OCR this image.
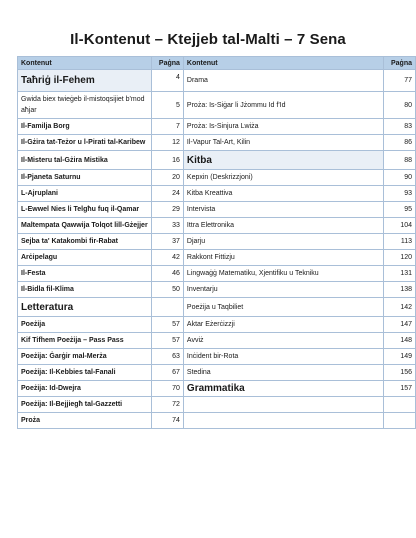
Il-Kontenut – Ktejjeb tal-Malti – 7 Sena
Kontenut	Paġna	Kontenut	Paġna
Taħriġ il-Fehem	4	Drama	77
Gwida biex twieġeb il-mistoqsijiet b'mod aħjar	5	Proża: Is-Siġar li Jżommu Id f'Id	80
Il-Familja Borg	7	Proża: Is-Sinjura Lwiża	83
Il-Gżira tat-Teżor u l-Pirati tal-Karibew	12	Il-Vapur Tal-Art, Kilin	86
Il-Misteru tal-Gżira Mistika	16	Kitba	88
Il-Pjaneta Saturnu	20	Kepxin (Deskrizzjoni)	90
L-Ajruplani	24	Kitba Kreattiva	93
L-Ewwel Nies li Telgħu fuq il-Qamar	29	Intervista	95
Maltempata Qawwija Tolqot lill-Gżejjer	33	Ittra Elettronika	104
Sejba ta' Katakombi fir-Rabat	37	Djarju	113
Arċipelagu	42	Rakkont Fittizju	120
Il-Festa	46	Lingwaġġ Matematiku, Xjentifiku u Tekniku	131
Il-Bidla fil-Klima	50	Inventarju	138
Letteratura		Poeżija u Taqbiliet	142
Poeżija	57	Aktar Eżerċizzji	147
Kif Tifhem Poeżija – Pass Pass	57	Avviż	148
Poeżija: Ġarġir mal-Merża	63	Inċident bir-Rota	149
Poeżija: Il-Kebbies tal-Fanali	67	Stedina	156
Poeżija: Id-Dwejra	70	Grammatika	157
Poeżija: Il-Bejjiegħ tal-Gazzetti	72		
Proża	74		
